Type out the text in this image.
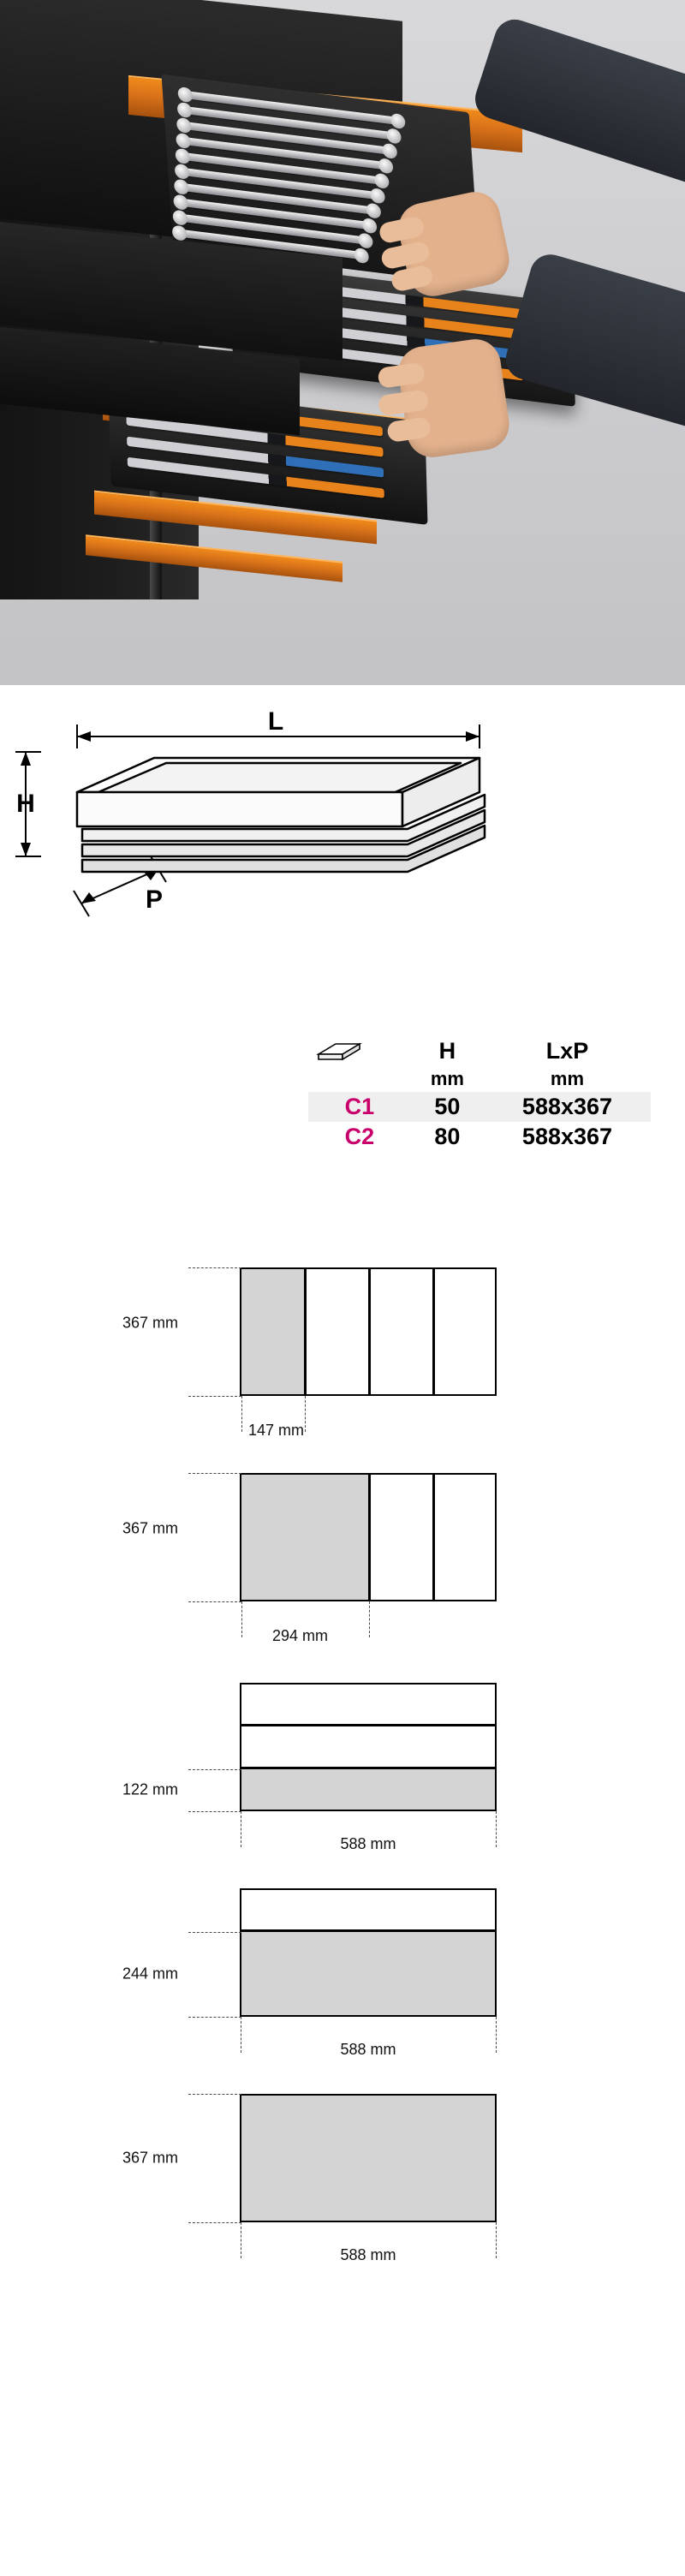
L
H
P
	H	LxP
	mm	mm
C1	50	588x367
C2	80	588x367
367 mm
147 mm
367 mm
294 mm
122 mm
588 mm
244 mm
588 mm
367 mm
588 mm
